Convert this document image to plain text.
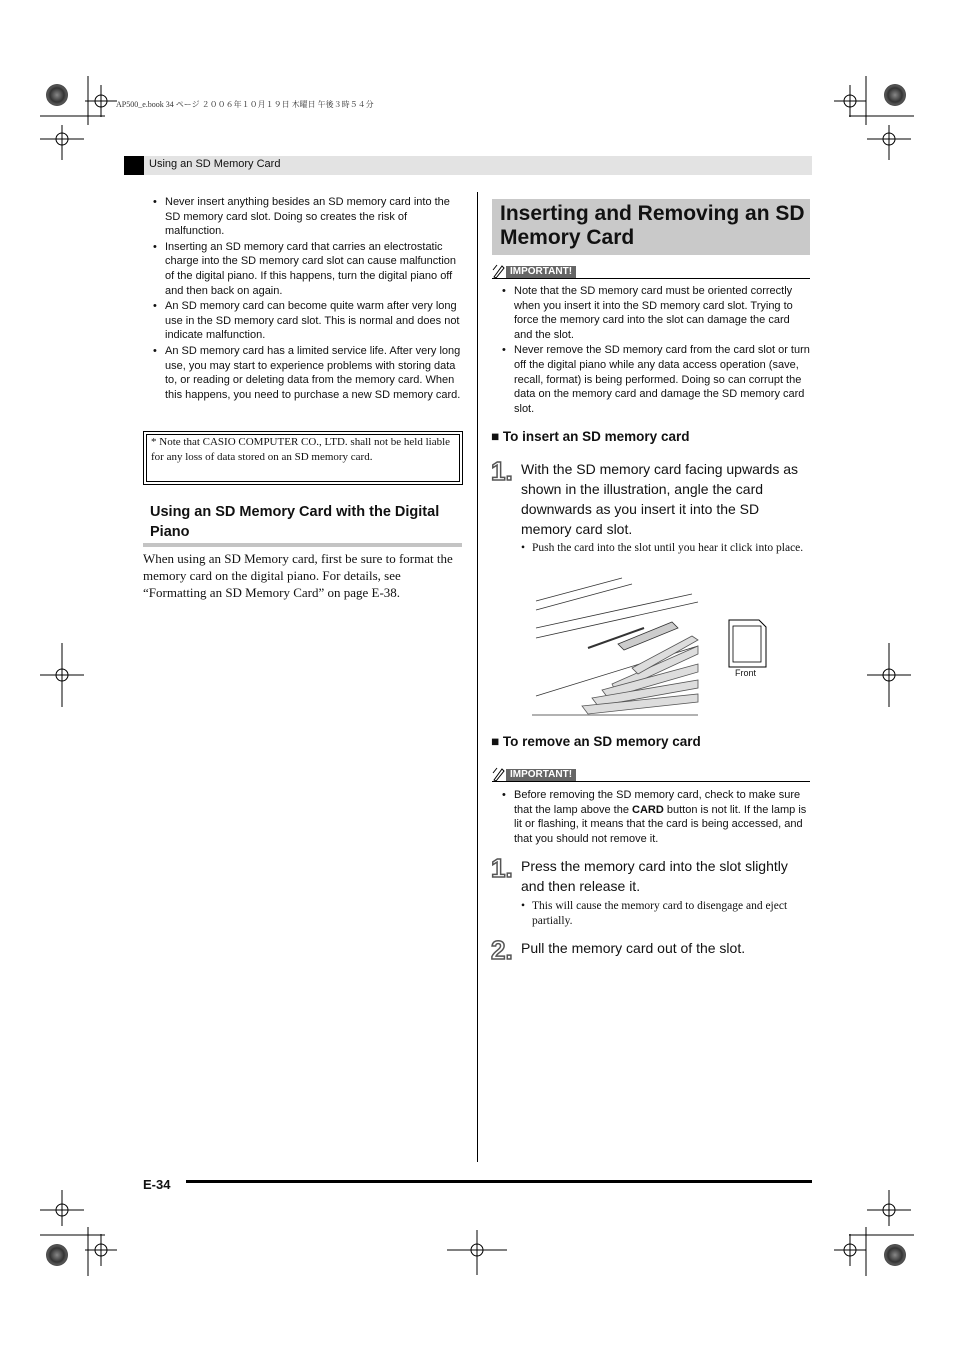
AP500_e.book 34 ページ ２００６年１０月１９日 木曜日 午後３時５４分
Using an SD Memory Card
• Never insert anything besides an SD memory card into the SD memory card slot. Doing so creates the risk of malfunction.
• Inserting an SD memory card that carries an electrostatic charge into the SD memory card slot can cause malfunction of the digital piano. If this happens, turn the digital piano off and then back on again.
• An SD memory card can become quite warm after very long use in the SD memory card slot. This is normal and does not indicate malfunction.
• An SD memory card has a limited service life. After very long use, you may start to experience problems with storing data to, or reading or deleting data from the memory card. When this happens, you need to purchase a new SD memory card.
* Note that CASIO COMPUTER CO., LTD. shall not be held liable for any loss of data stored on an SD memory card.
Using an SD Memory Card with the Digital Piano
When using an SD Memory card, first be sure to format the memory card on the digital piano. For details, see “Formatting an SD Memory Card” on page E-38.
Inserting and Removing an SD Memory Card
IMPORTANT!
• Note that the SD memory card must be oriented correctly when you insert it into the SD memory card slot. Trying to force the memory card into the slot can damage the card and the slot.
• Never remove the SD memory card from the card slot or turn off the digital piano while any data access operation (save, recall, format) is being performed. Doing so can corrupt the data on the memory card and damage the SD memory card slot.
■ To insert an SD memory card
1. With the SD memory card facing upwards as shown in the illustration, angle the card downwards as you insert it into the SD memory card slot.
• Push the card into the slot until you hear it click into place.
Front
■ To remove an SD memory card
IMPORTANT!
• Before removing the SD memory card, check to make sure that the lamp above the CARD button is not lit. If the lamp is lit or flashing, it means that the card is being accessed, and that you should not remove it.
1. Press the memory card into the slot slightly and then release it.
• This will cause the memory card to disengage and eject partially.
2. Pull the memory card out of the slot.
E-34
